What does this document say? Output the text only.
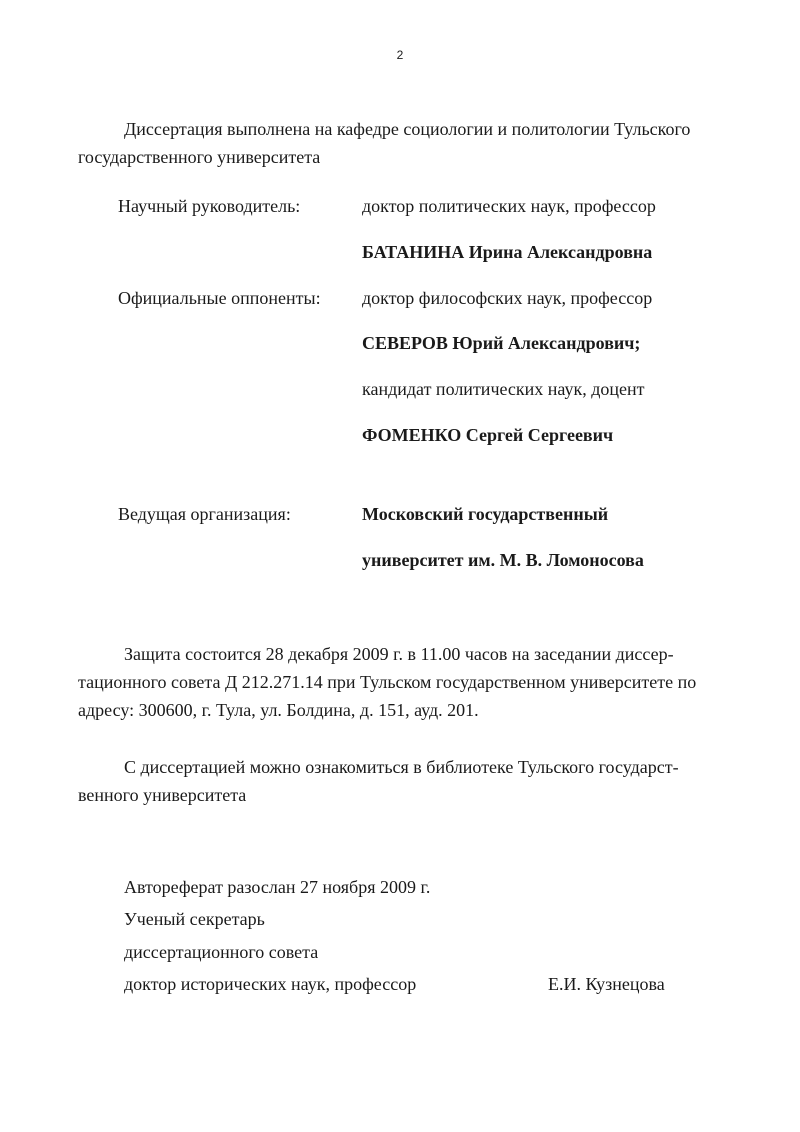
2
Диссертация выполнена на кафедре социологии и политологии Тульского государственного университета
Научный руководитель:	доктор политических наук, профессор
БАТАНИНА Ирина Александровна
Официальные оппоненты: доктор философских наук, профессор
СЕВЕРОВ Юрий Александрович;
кандидат политических наук, доцент
ФОМЕНКО Сергей Сергеевич
Ведущая организация:	Московский государственный
университет им. М. В. Ломоносова
Защита состоится 28 декабря 2009 г. в 11.00 часов на заседании диссер-тационного совета Д 212.271.14 при Тульском государственном университете по адресу: 300600, г. Тула, ул. Болдина, д. 151, ауд. 201.
С диссертацией можно ознакомиться в библиотеке Тульского государст-венного университета
Автореферат разослан 27 ноября 2009 г.
Ученый секретарь
диссертационного совета
доктор исторических наук, профессор	Е.И. Кузнецова
